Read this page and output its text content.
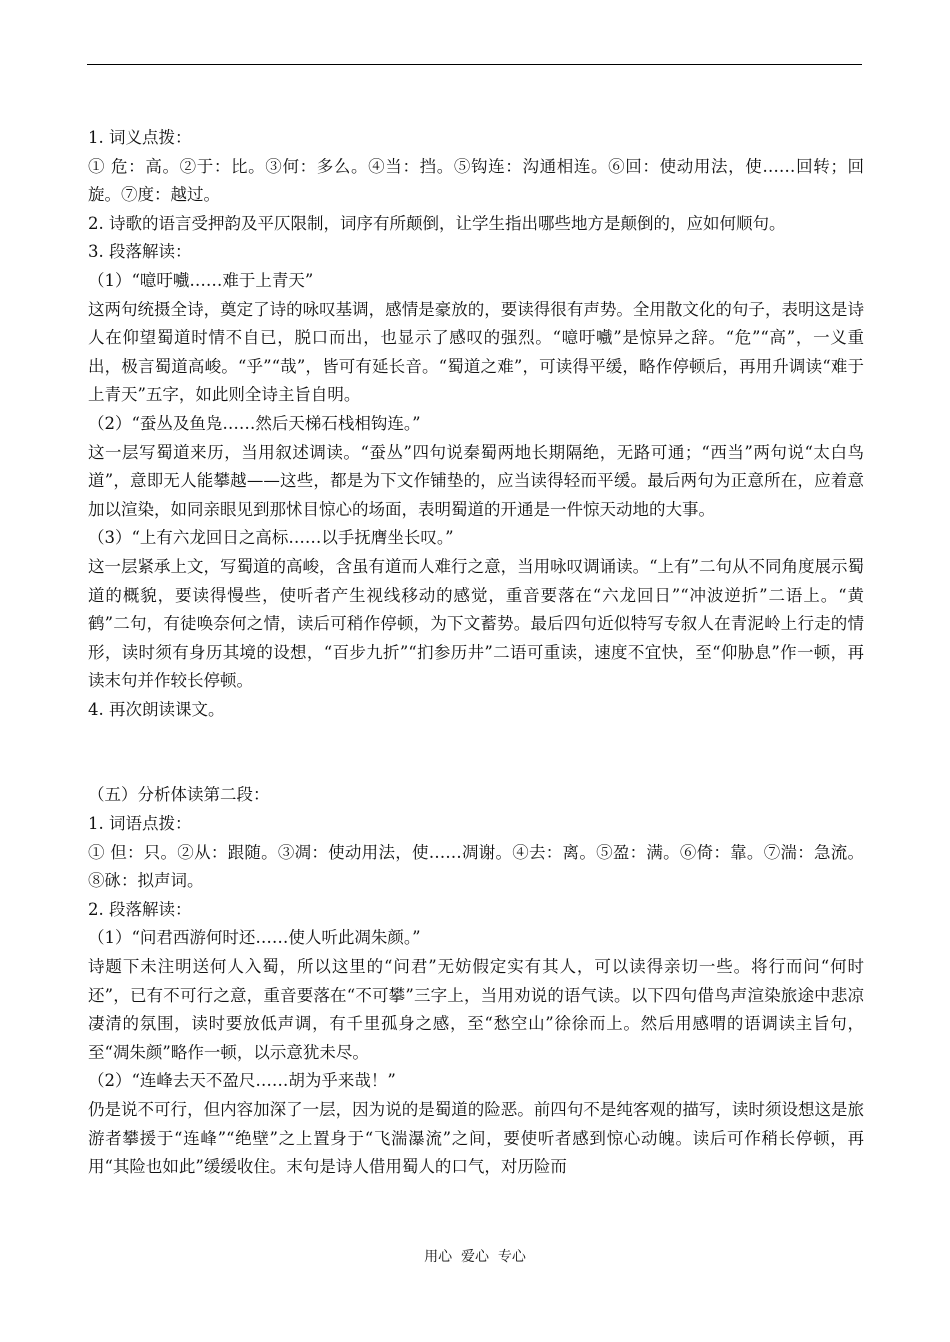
1. 词义点拨：

① 危：高。②于：比。③何：多么。④当：挡。⑤钩连：沟通相连。⑥回：使动用法，使……回转；回旋。⑦度：越过。

2. 诗歌的语言受押韵及平仄限制，词序有所颠倒，让学生指出哪些地方是颠倒的，应如何顺句。

3. 段落解读：

（1）“噫吁嚱……难于上青天”

这两句统摄全诗，奠定了诗的咏叹基调，感情是豪放的，要读得很有声势。全用散文化的句子，表明这是诗人在仰望蜀道时情不自已，脱口而出，也显示了感叹的强烈。“噫吁嚱”是惊异之辞。“危”“高”，一义重出，极言蜀道高峻。“乎”“哉”，皆可有延长音。“蜀道之难”，可读得平缓，略作停顿后，再用升调读“难于上青天”五字，如此则全诗主旨自明。

（2）“蚕丛及鱼凫……然后天梯石栈相钩连。”

这一层写蜀道来历，当用叙述调读。“蚕丛”四句说秦蜀两地长期隔绝，无路可通；“西当”两句说“太白鸟道”，意即无人能攀越——这些，都是为下文作铺垫的，应当读得轻而平缓。最后两句为正意所在，应着意加以渲染，如同亲眼见到那怵目惊心的场面，表明蜀道的开通是一件惊天动地的大事。

（3）“上有六龙回日之高标……以手抚膺坐长叹。”

这一层紧承上文，写蜀道的高峻，含虽有道而人难行之意，当用咏叹调诵读。“上有”二句从不同角度展示蜀道的概貌，要读得慢些，使听者产生视线移动的感觉，重音要落在“六龙回日”“冲波逆折”二语上。“黄鹤”二句，有徒唤奈何之情，读后可稍作停顿，为下文蓄势。最后四句近似特写专叙人在青泥岭上行走的情形，读时须有身历其境的设想，“百步九折”“扪参历井”二语可重读，速度不宜快，至“仰胁息”作一顿，再读末句并作较长停顿。

4. 再次朗读课文。

（五）分析体读第二段：

1. 词语点拨：

① 但：只。②从：跟随。③凋：使动用法，使……凋谢。④去：离。⑤盈：满。⑥倚：靠。⑦湍：急流。⑧砯：拟声词。

2. 段落解读：

（1）“问君西游何时还……使人听此凋朱颜。”

诗题下未注明送何人入蜀，所以这里的“问君”无妨假定实有其人，可以读得亲切一些。将行而问“何时还”，已有不可行之意，重音要落在“不可攀”三字上，当用劝说的语气读。以下四句借鸟声渲染旅途中悲凉凄清的氛围，读时要放低声调，有千里孤身之感，至“愁空山”徐徐而上。然后用感喟的语调读主旨句，至“凋朱颜”略作一顿，以示意犹未尽。

（2）“连峰去天不盈尺……胡为乎来哉！”

仍是说不可行，但内容加深了一层，因为说的是蜀道的险恶。前四句不是纯客观的描写，读时须设想这是旅游者攀援于“连峰”“绝壁”之上置身于“飞湍瀑流”之间，要使听者感到惊心动魄。读后可作稍长停顿，再用“其险也如此”缓缓收住。末句是诗人借用蜀人的口气，对历险而

用心  爱心  专心
